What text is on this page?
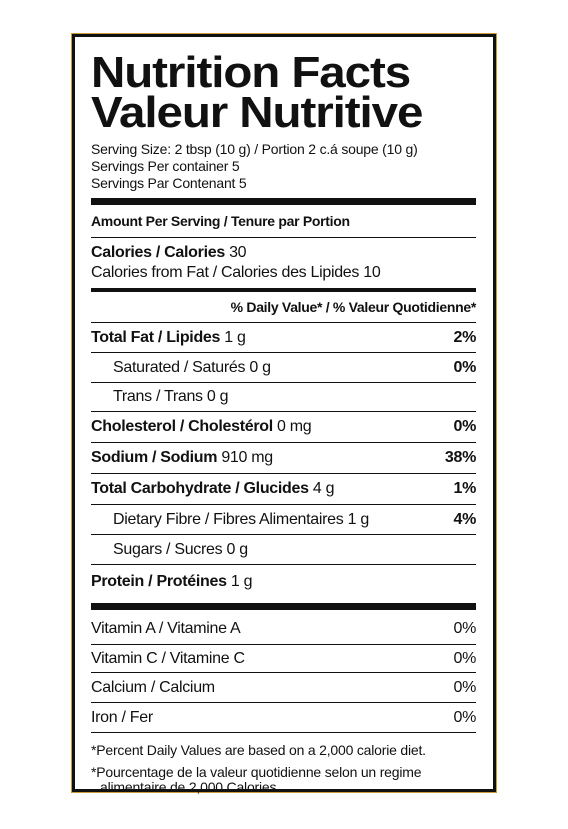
Nutrition Facts
Valeur Nutritive
Serving Size: 2 tbsp (10 g) / Portion 2 c.á soupe (10 g)
Servings Per container 5
Servings Par Contenant 5
Amount Per Serving / Tenure par Portion
Calories / Calories 30
Calories from Fat / Calories des Lipides 10
% Daily Value* / % Valeur Quotidienne*
Total Fat / Lipides 1 g	2%
Saturated / Saturés 0 g	0%
Trans / Trans 0 g
Cholesterol / Cholestérol 0 mg	0%
Sodium / Sodium 910 mg	38%
Total Carbohydrate / Glucides 4 g	1%
Dietary Fibre / Fibres Alimentaires 1 g	4%
Sugars / Sucres 0 g
Protein / Protéines 1 g
Vitamin A / Vitamine A	0%
Vitamin C / Vitamine C	0%
Calcium / Calcium	0%
Iron / Fer	0%

*Percent Daily Values are based on a 2,000 calorie diet.

*Pourcentage de la valeur quotidienne selon un regime alimentaire de 2,000 Calories.
